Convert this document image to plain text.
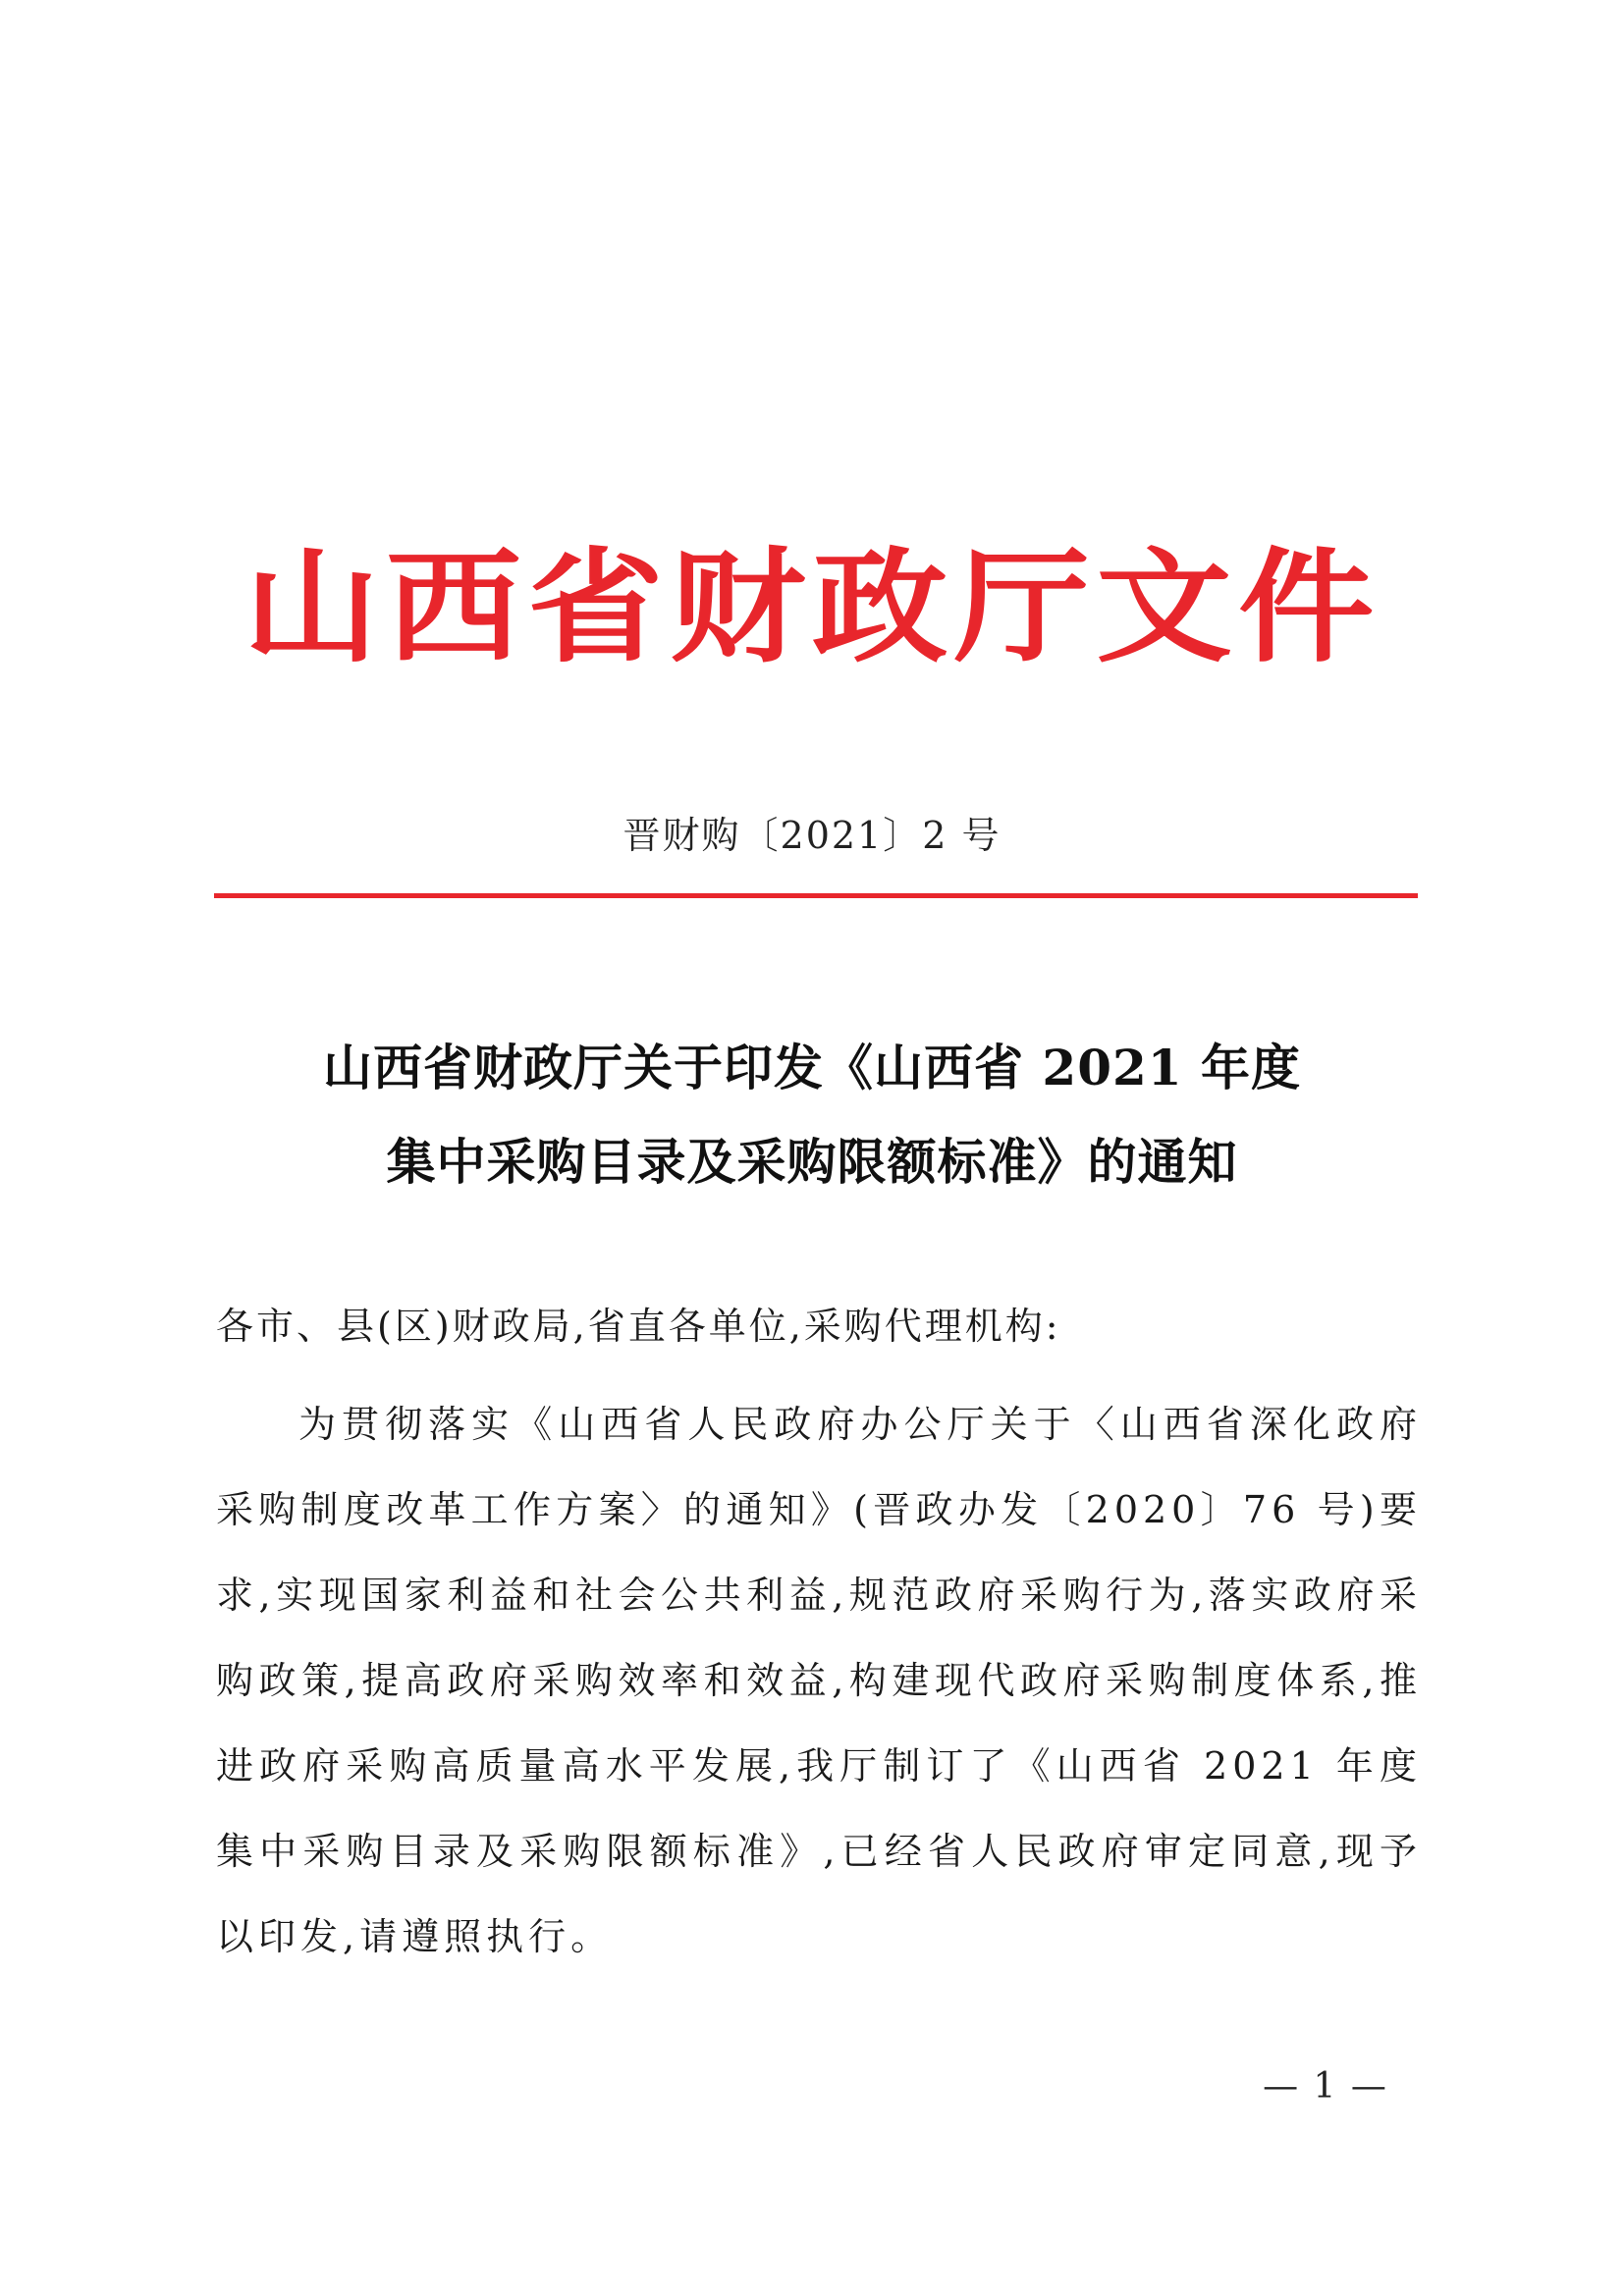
山西省财政厅文件
晋财购〔2021〕2 号
山西省财政厅关于印发《山西省 2021 年度
集中采购目录及采购限额标准》的通知
各市、县(区)财政局,省直各单位,采购代理机构:
为贯彻落实《山西省人民政府办公厅关于〈山西省深化政府采购制度改革工作方案〉的通知》(晋政办发〔2020〕76 号)要求,实现国家利益和社会公共利益,规范政府采购行为,落实政府采购政策,提高政府采购效率和效益,构建现代政府采购制度体系,推进政府采购高质量高水平发展,我厅制订了《山西省 2021 年度集中采购目录及采购限额标准》,已经省人民政府审定同意,现予以印发,请遵照执行。
— 1 —
